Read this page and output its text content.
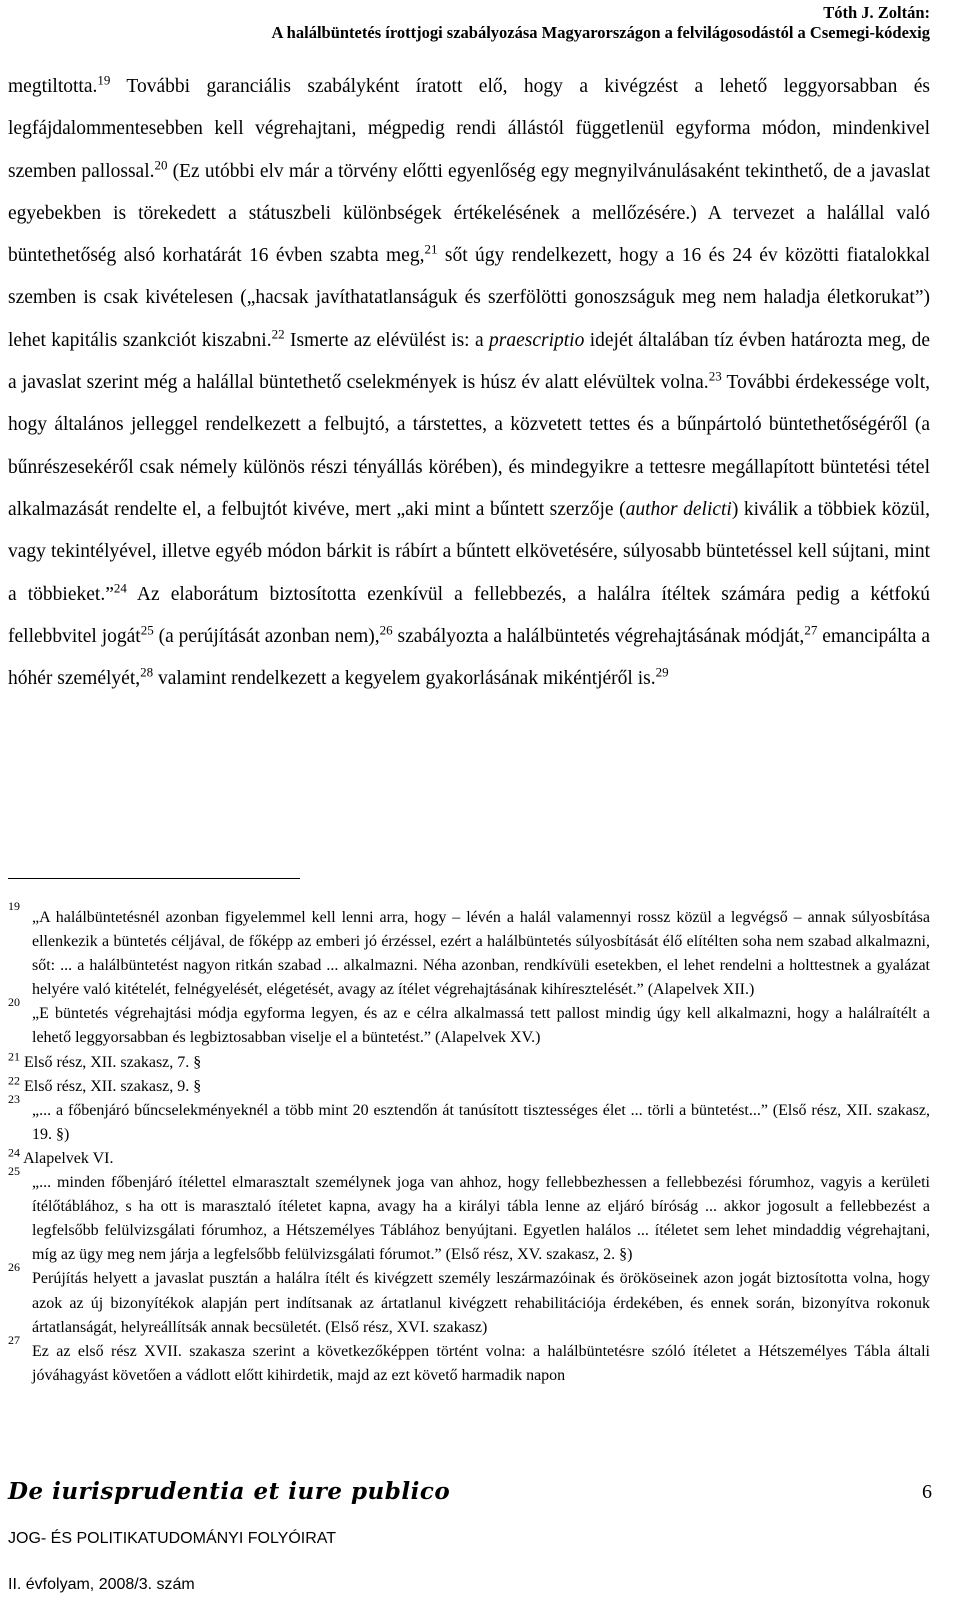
Tóth J. Zoltán:
A halálbüntetés írottjogi szabályozása Magyarországon a felvilágosodástól a Csemegi-kódexig
megtiltotta.$^{19}$ További garanciális szabályként íratott elő, hogy a kivégzést a lehető leggyorsabban és legfájdalommentesebben kell végrehajtani, mégpedig rendi állástól függetlenül egyforma módon, mindenkivel szemben pallossal.$^{20}$ (Ez utóbbi elv már a törvény előtti egyenlőség egy megnyilvánulásaként tekinthető, de a javaslat egyebekben is törekedett a státuszbeli különbségek értékelésének a mellőzésére.) A tervezet a halállal való büntethetőség alsó korhatárát 16 évben szabta meg,$^{21}$ sőt úgy rendelkezett, hogy a 16 és 24 év közötti fiatalokkal szemben is csak kivételesen („hacsak javíthatatlanságuk és szerfölötti gonoszságuk meg nem haladja életkorukat”) lehet kapitális szankciót kiszabni.$^{22}$ Ismerte az elévülést is: a praescriptio idejét általában tíz évben határozta meg, de a javaslat szerint még a halállal büntethető cselekmények is húsz év alatt elévültek volna.$^{23}$ További érdekessége volt, hogy általános jelleggel rendelkezett a felbujtó, a társtettes, a közvetett tettes és a bűnpártoló büntethetőségéről (a bűnrészesekéről csak némely különös részi tényállás körében), és mindegyikre a tettesre megállapított büntetési tétel alkalmazását rendelte el, a felbujtót kivéve, mert „aki mint a bűntett szerzője (author delicti) kiválik a többiek közül, vagy tekintélyével, illetve egyéb módon bárkit is rábírt a bűntett elkövetésére, súlyosabb büntetéssel kell sújtani, mint a többieket.”$^{24}$ Az elaborátum biztosította ezenkívül a fellebbezés, a halálra ítéltek számára pedig a kétfokú fellebbvitel jogát$^{25}$ (a perújítását azonban nem),$^{26}$ szabályozta a halálbüntetés végrehajtásának módját,$^{27}$ emancipálta a hóhér személyét,$^{28}$ valamint rendelkezett a kegyelem gyakorlásának mikéntjéről is.$^{29}$
19
„A halálbüntetésnél azonban figyelemmel kell lenni arra, hogy – lévén a halál valamennyi rossz közül a legvégső – annak súlyosbítása ellenkezik a büntetés céljával, de főképp az emberi jó érzéssel, ezért a halálbüntetés súlyosbítását élő elítélten soha nem szabad alkalmazni, sőt: ... a halálbüntetést nagyon ritkán szabad ... alkalmazni. Néha azonban, rendkívüli esetekben, el lehet rendelni a holttestnek a gyalázat helyére való kitételét, felnégyelését, elégetését, avagy az ítélet végrehajtásának kihíresztelését.” (Alapelvek XII.)
20
„E büntetés végrehajtási módja egyforma legyen, és az e célra alkalmassá tett pallost mindig úgy kell alkalmazni, hogy a halálraítélt a lehető leggyorsabban és legbiztosabban viselje el a büntetést.” (Alapelvek XV.)
$^{21}$ Első rész, XII. szakasz, 7. §
$^{22}$ Első rész, XII. szakasz, 9. §
23
„... a főbenjáró bűncselekményeknél a több mint 20 esztendőn át tanúsított tisztességes élet ... törli a büntetést...” (Első rész, XII. szakasz, 19. §)
$^{24}$ Alapelvek VI.
25
„... minden főbenjáró ítélettel elmarasztalt személynek joga van ahhoz, hogy fellebbezhessen a fellebbezési fórumhoz, vagyis a kerületi ítélőtáblához, s ha ott is marasztaló ítéletet kapna, avagy ha a királyi tábla lenne az eljáró bíróság ... akkor jogosult a fellebbezést a legfelsőbb felülvizsgálati fórumhoz, a Hétszemélyes Táblához benyújtani. Egyetlen halálos ... ítéletet sem lehet mindaddig végrehajtani, míg az ügy meg nem járja a legfelsőbb felülvizsgálati fórumot.” (Első rész, XV. szakasz, 2. §)
26
Perújítás helyett a javaslat pusztán a halálra ítélt és kivégzett személy leszármazóinak és örököseinek azon jogát biztosította volna, hogy azok az új bizonyítékok alapján pert indítsanak az ártatlanul kivégzett rehabilitációja érdekében, és ennek során, bizonyítva rokonuk ártatlanságát, helyreállítsák annak becsületét. (Első rész, XVI. szakasz)
27
Ez az első rész XVII. szakasza szerint a következőképpen történt volna: a halálbüntetésre szóló ítéletet a Hétszemélyes Tábla általi jóváhagyást követően a vádlott előtt kihirdetik, majd az ezt követő harmadik napon
De iurisprudentia et iure publico	6
JOG- ÉS POLITIKATUDOMÁNYI FOLYÓIRAT
II. évfolyam, 2008/3. szám
